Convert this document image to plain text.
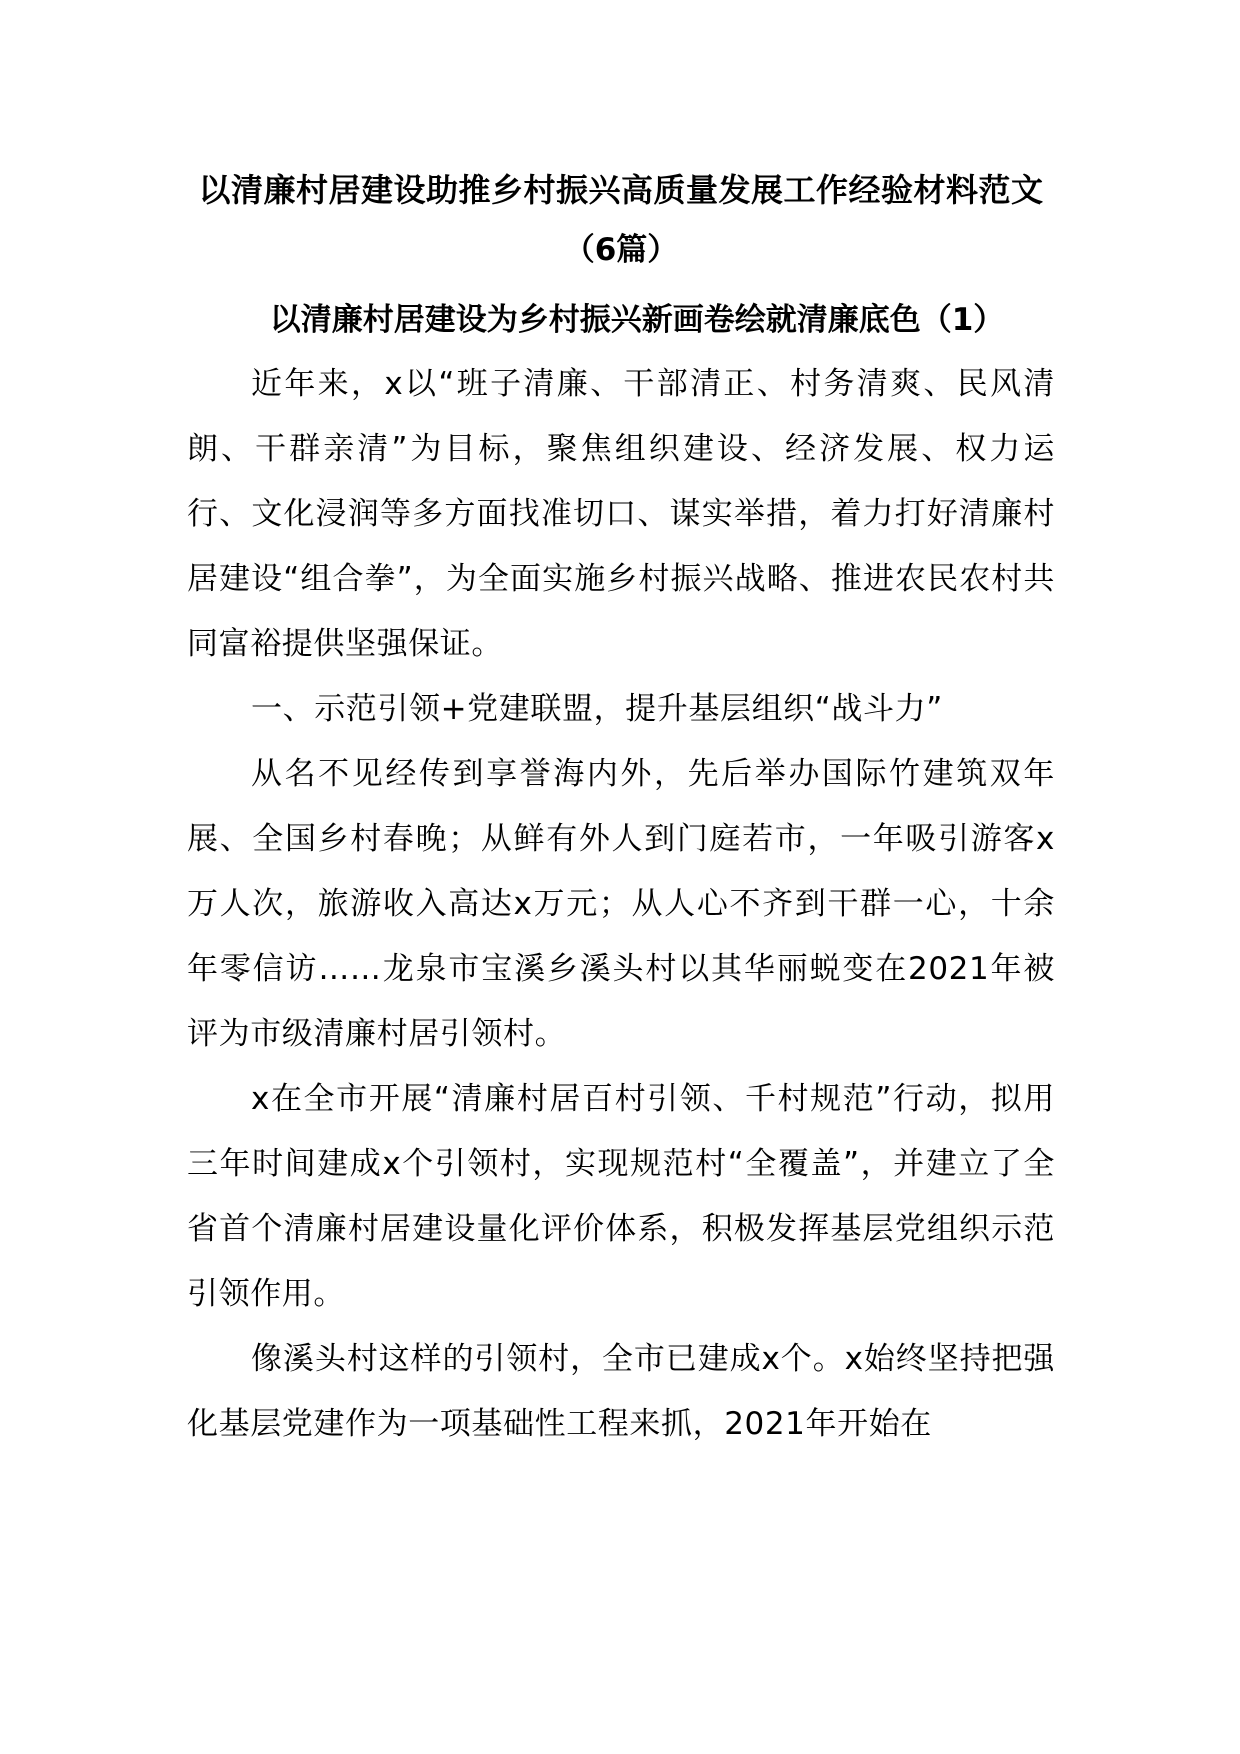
以清廉村居建设助推乡村振兴高质量发展工作经验材料范文
（6篇）
以清廉村居建设为乡村振兴新画卷绘就清廉底色（1）

近年来，x以“班子清廉、干部清正、村务清爽、民风清朗、干群亲清”为目标，聚焦组织建设、经济发展、权力运行、文化浸润等多方面找准切口、谋实举措，着力打好清廉村居建设“组合拳”，为全面实施乡村振兴战略、推进农民农村共同富裕提供坚强保证。

一、示范引领+党建联盟，提升基层组织“战斗力”

从名不见经传到享誉海内外，先后举办国际竹建筑双年展、全国乡村春晚；从鲜有外人到门庭若市，一年吸引游客x万人次，旅游收入高达x万元；从人心不齐到干群一心，十余年零信访……龙泉市宝溪乡溪头村以其华丽蜕变在2021年被评为市级清廉村居引领村。

x在全市开展“清廉村居百村引领、千村规范”行动，拟用三年时间建成x个引领村，实现规范村“全覆盖”，并建立了全省首个清廉村居建设量化评价体系，积极发挥基层党组织示范引领作用。

像溪头村这样的引领村，全市已建成x个。x始终坚持把强化基层党建作为一项基础性工程来抓，2021年开始在
